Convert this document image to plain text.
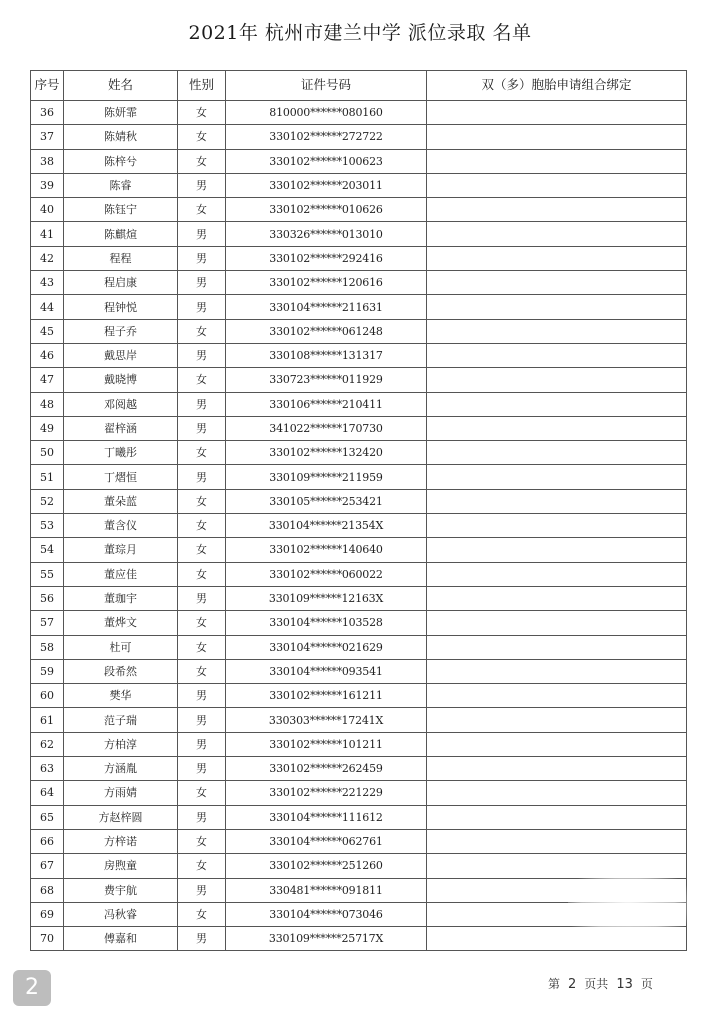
2021年 杭州市建兰中学 派位录取 名单
序号	姓名	性别	证件号码	双（多）胞胎申请组合绑定
36	陈妍霏	女	810000******080160	
37	陈婧秋	女	330102******272722	
38	陈梓兮	女	330102******100623	
39	陈睿	男	330102******203011	
40	陈钰宁	女	330102******010626	
41	陈麒煊	男	330326******013010	
42	程程	男	330102******292416	
43	程启康	男	330102******120616	
44	程钟悦	男	330104******211631	
45	程子乔	女	330102******061248	
46	戴思岸	男	330108******131317	
47	戴晓博	女	330723******011929	
48	邓阅越	男	330106******210411	
49	翟梓涵	男	341022******170730	
50	丁曦彤	女	330102******132420	
51	丁熠恒	男	330109******211959	
52	董朵蓝	女	330105******253421	
53	董含仪	女	330104******21354X	
54	董琮月	女	330102******140640	
55	董应佳	女	330102******060022	
56	董珈宇	男	330109******12163X	
57	董烨文	女	330104******103528	
58	杜可	女	330104******021629	
59	段希然	女	330104******093541	
60	樊华	男	330102******161211	
61	范子瑞	男	330303******17241X	
62	方柏淳	男	330102******101211	
63	方涵胤	男	330102******262459	
64	方雨婧	女	330102******221229	
65	方赵梓圆	男	330104******111612	
66	方梓诺	女	330104******062761	
67	房煦童	女	330102******251260	
68	费宇航	男	330481******091811	
69	冯秋睿	女	330104******073046	
70	傅嘉和	男	330109******25717X	
2	第 2 页共 13 页
